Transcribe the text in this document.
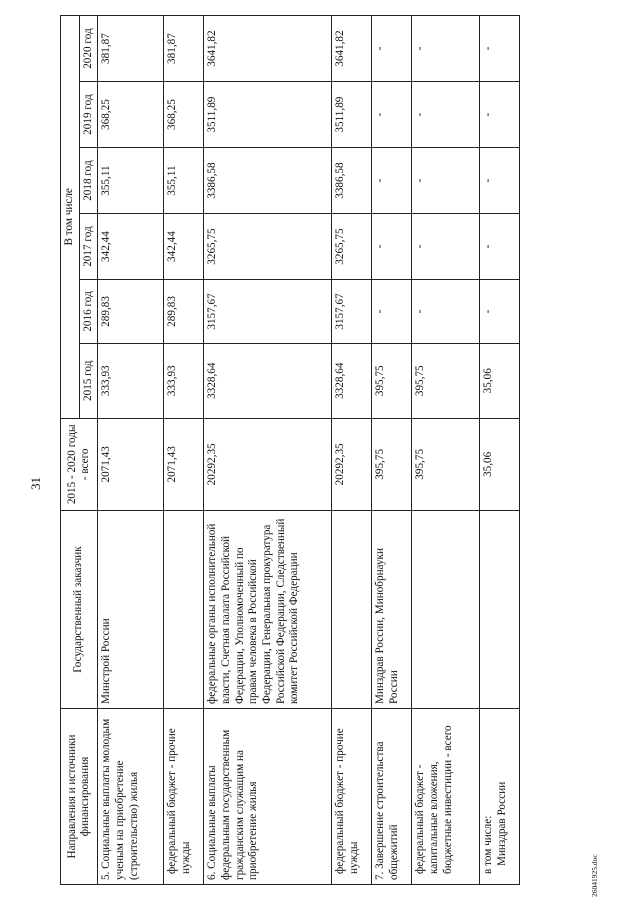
31
Направления и источники финансирования	Государственный заказчик	2015 - 2020 годы - всего	В том числе					
			2015 год	2016 год	2017 год	2018 год	2019 год	2020 год
5. Социальные выплаты молодым ученым на приобретение (строительство) жилья	Минстрой России	2071,43	333,93	289,83	342,44	355,11	368,25	381,87
федеральный бюджет - прочие нужды		2071,43	333,93	289,83	342,44	355,11	368,25	381,87
6. Социальные выплаты федеральным государственным гражданским служащим на приобретение жилья	федеральные органы исполнительной власти, Счетная палата Российской Федерации, Уполномоченный по правам человека в Российской Федерации, Генеральная прокуратура Российской Федерации, Следственный комитет Российской Федерации	20292,35	3328,64	3157,67	3265,75	3386,58	3511,89	3641,82
федеральный бюджет - прочие нужды		20292,35	3328,64	3157,67	3265,75	3386,58	3511,89	3641,82
7. Завершение строительства общежитий	Минздрав России, Минобрнауки России	395,75	395,75	-	-	-	-	-
федеральный бюджет - капитальные вложения, бюджетные инвестиции - всего		395,75	395,75	-	-	-	-	-

в том числе: Минздрав России		35,06	35,06	-	-	-	-	-
26041925.doc
